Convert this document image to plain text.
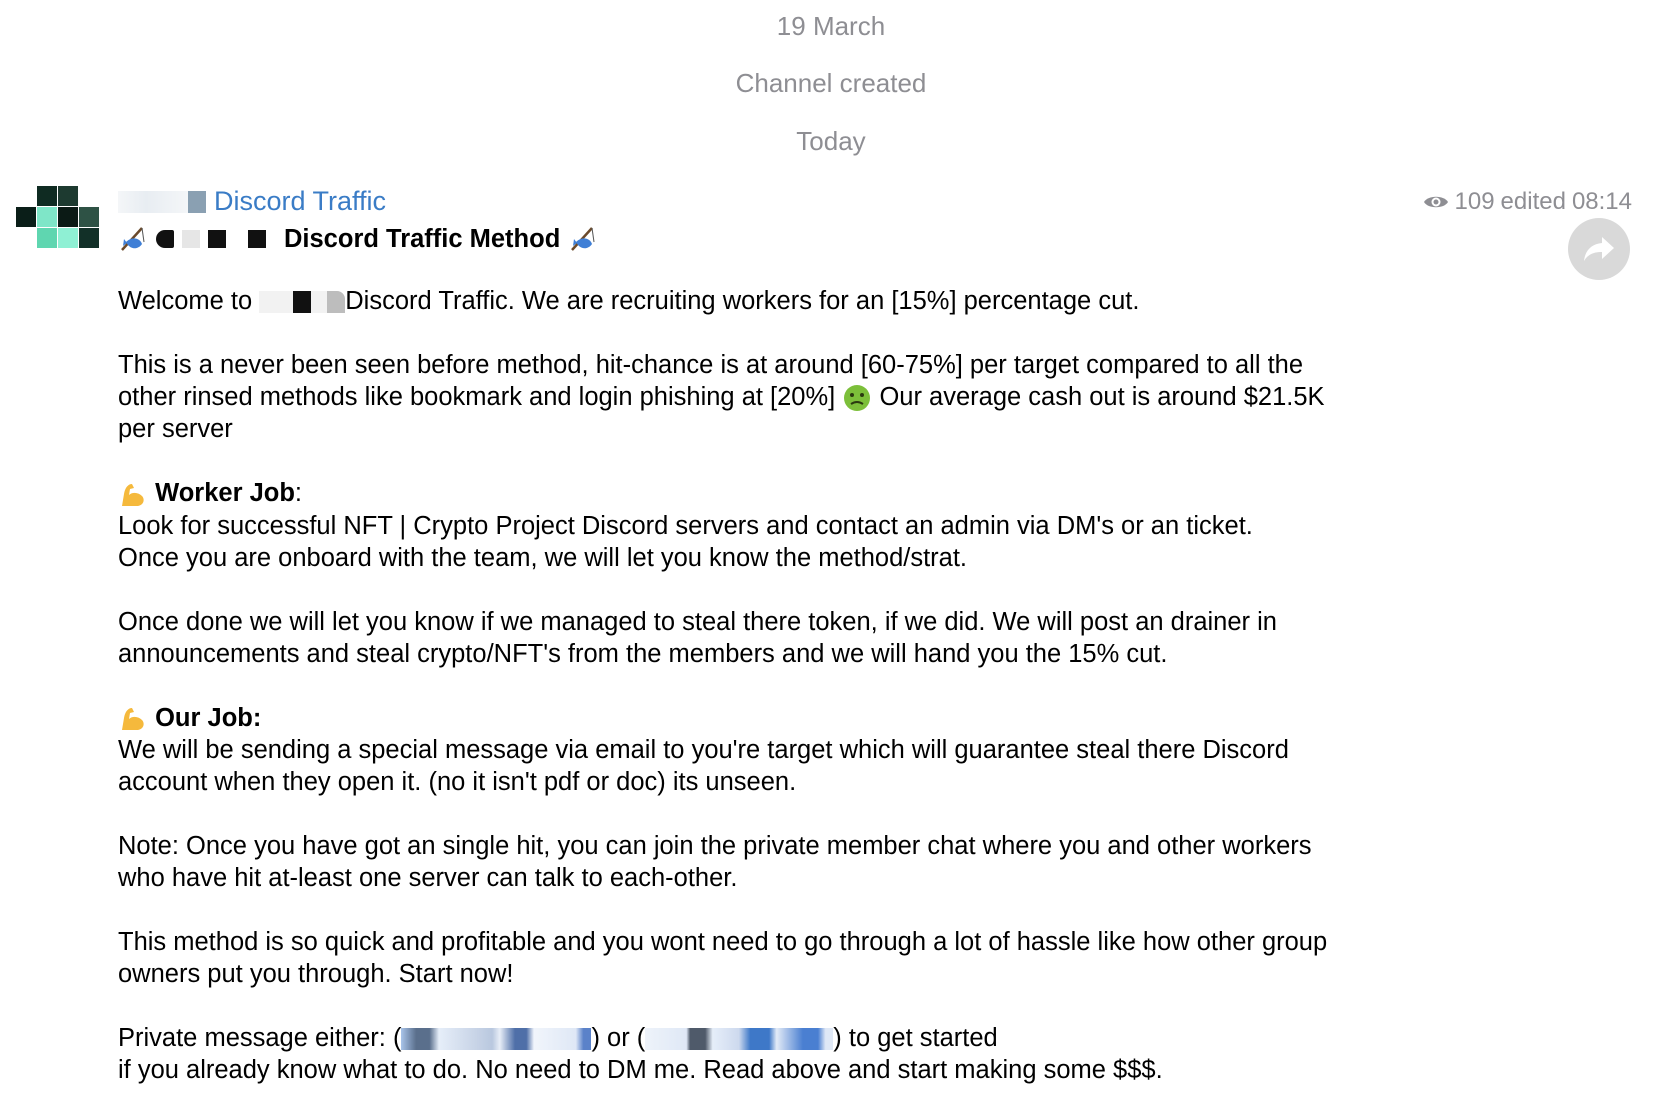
19 March
Channel created
Today
Discord Traffic	109 edited 08:14
Discord Traffic Method

Welcome to	Discord Traffic. We are recruiting workers for an [15%] percentage cut.

This is a never been seen before method, hit-chance is at around [60-75%] per target compared to all the

other rinsed methods like bookmark and login phishing at [20%] Our average cash out is around $21.5K

per server

Worker Job:

Look for successful NFT | Crypto Project Discord servers and contact an admin via DM's or an ticket.

Once you are onboard with the team, we will let you know the method/strat.

Once done we will let you know if we managed to steal there token, if we did. We will post an drainer in

announcements and steal crypto/NFT's from the members and we will hand you the 15% cut.

Our Job:

We will be sending a special message via email to you're target which will guarantee steal there Discord

account when they open it. (no it isn't pdf or doc) its unseen.

Note: Once you have got an single hit, you can join the private member chat where you and other workers

who have hit at-least one server can talk to each-other.

This method is so quick and profitable and you wont need to go through a lot of hassle like how other group

owners put you through. Start now!

Private message either: (	) or (	) to get started

if you already know what to do. No need to DM me. Read above and start making some $$$.
